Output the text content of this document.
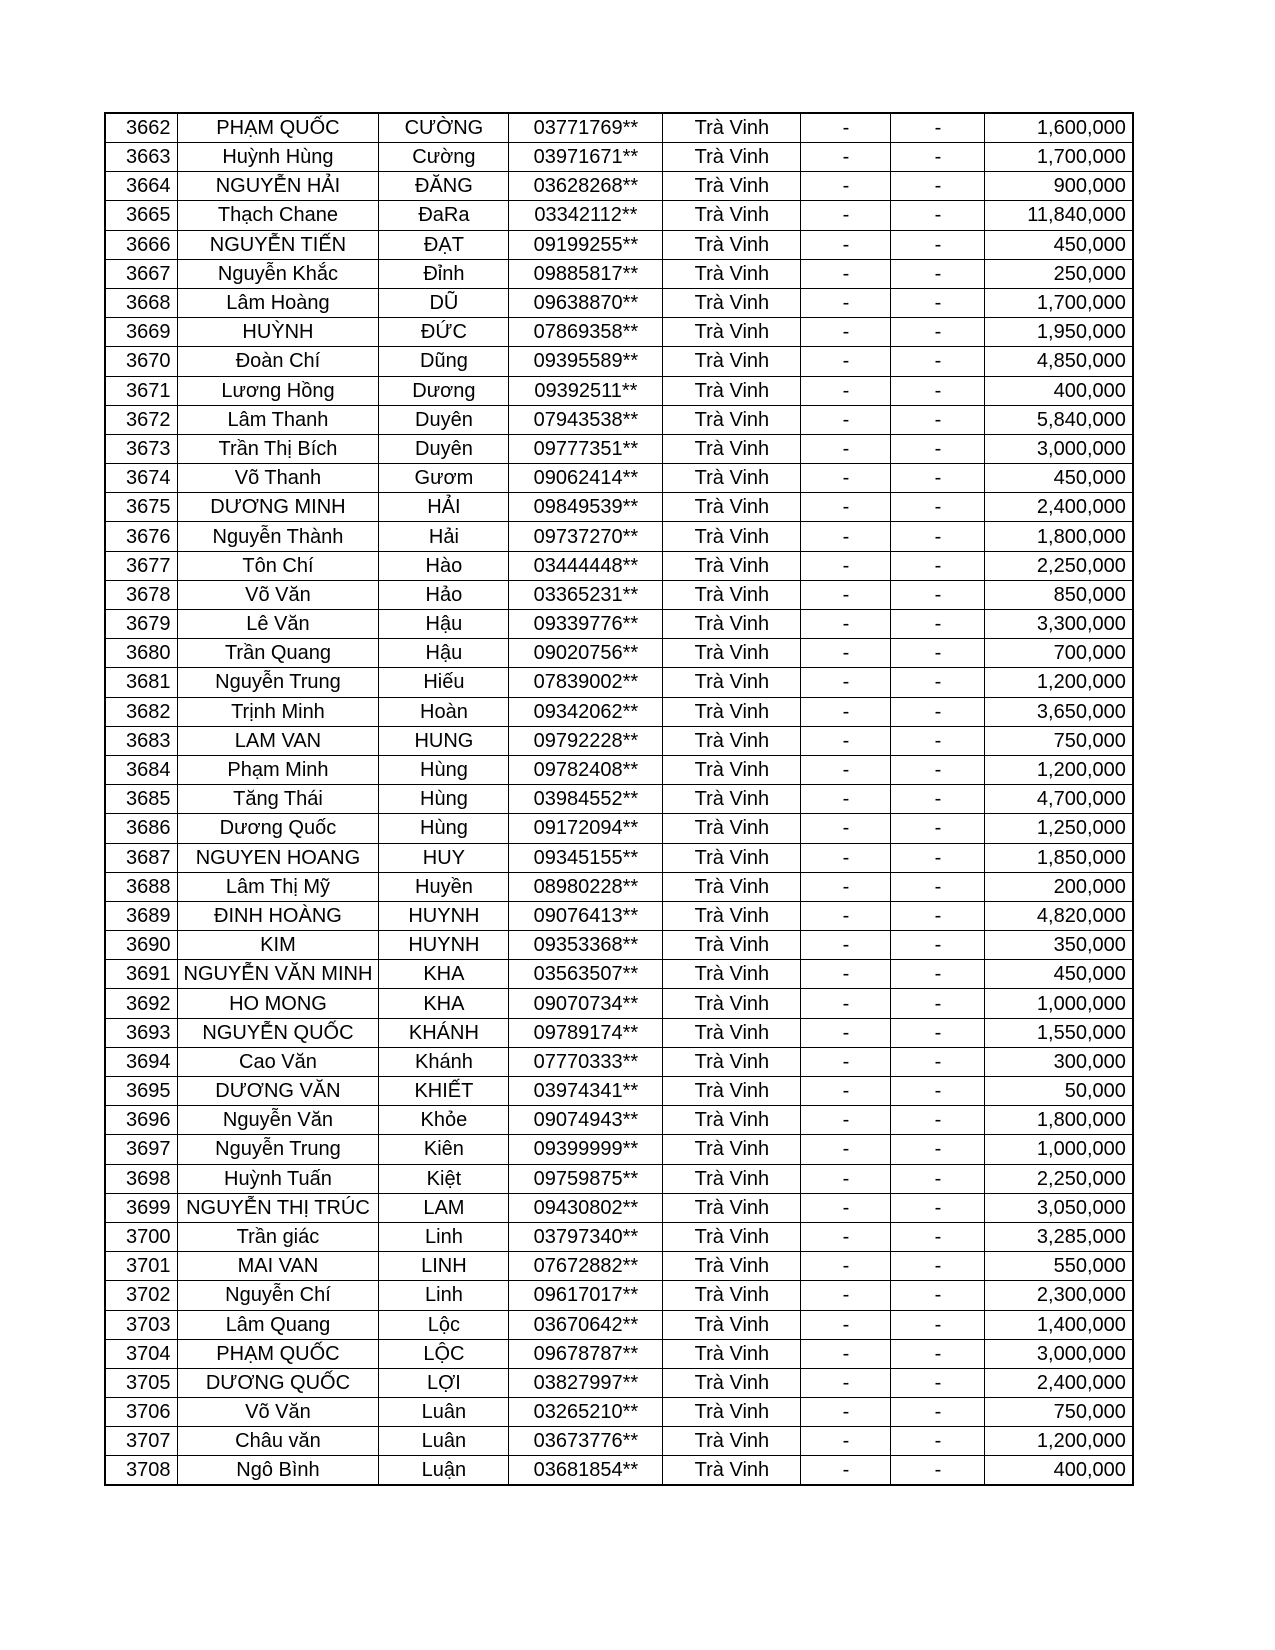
3662	PHẠM QUỐC	CƯỜNG	03771769**	Trà Vinh	-	-	1,600,000
3663	Huỳnh Hùng	Cường	03971671**	Trà Vinh	-	-	1,700,000
3664	NGUYỄN HẢI	ĐĂNG	03628268**	Trà Vinh	-	-	900,000
3665	Thạch Chane	ĐaRa	03342112**	Trà Vinh	-	-	11,840,000
3666	NGUYỄN TIẾN	ĐẠT	09199255**	Trà Vinh	-	-	450,000
3667	Nguyễn Khắc	Đỉnh	09885817**	Trà Vinh	-	-	250,000
3668	Lâm Hoàng	DŨ	09638870**	Trà Vinh	-	-	1,700,000
3669	HUỲNH	ĐỨC	07869358**	Trà Vinh	-	-	1,950,000
3670	Đoàn Chí	Dũng	09395589**	Trà Vinh	-	-	4,850,000
3671	Lương Hồng	Dương	09392511**	Trà Vinh	-	-	400,000
3672	Lâm Thanh	Duyên	07943538**	Trà Vinh	-	-	5,840,000
3673	Trần Thị Bích	Duyên	09777351**	Trà Vinh	-	-	3,000,000
3674	Võ Thanh	Gươm	09062414**	Trà Vinh	-	-	450,000
3675	DƯƠNG MINH	HẢI	09849539**	Trà Vinh	-	-	2,400,000
3676	Nguyễn Thành	Hải	09737270**	Trà Vinh	-	-	1,800,000
3677	Tôn Chí	Hào	03444448**	Trà Vinh	-	-	2,250,000
3678	Võ Văn	Hảo	03365231**	Trà Vinh	-	-	850,000
3679	Lê Văn	Hậu	09339776**	Trà Vinh	-	-	3,300,000
3680	Trần Quang	Hậu	09020756**	Trà Vinh	-	-	700,000
3681	Nguyễn Trung	Hiếu	07839002**	Trà Vinh	-	-	1,200,000
3682	Trịnh Minh	Hoàn	09342062**	Trà Vinh	-	-	3,650,000
3683	LAM VAN	HUNG	09792228**	Trà Vinh	-	-	750,000
3684	Phạm Minh	Hùng	09782408**	Trà Vinh	-	-	1,200,000
3685	Tăng Thái	Hùng	03984552**	Trà Vinh	-	-	4,700,000
3686	Dương Quốc	Hùng	09172094**	Trà Vinh	-	-	1,250,000
3687	NGUYEN HOANG	HUY	09345155**	Trà Vinh	-	-	1,850,000
3688	Lâm Thị Mỹ	Huyền	08980228**	Trà Vinh	-	-	200,000
3689	ĐINH HOÀNG	HUYNH	09076413**	Trà Vinh	-	-	4,820,000
3690	KIM	HUYNH	09353368**	Trà Vinh	-	-	350,000
3691	NGUYỄN VĂN MINH	KHA	03563507**	Trà Vinh	-	-	450,000
3692	HO MONG	KHA	09070734**	Trà Vinh	-	-	1,000,000
3693	NGUYỄN QUỐC	KHÁNH	09789174**	Trà Vinh	-	-	1,550,000
3694	Cao Văn	Khánh	07770333**	Trà Vinh	-	-	300,000
3695	DƯƠNG VĂN	KHIẾT	03974341**	Trà Vinh	-	-	50,000
3696	Nguyễn Văn	Khỏe	09074943**	Trà Vinh	-	-	1,800,000
3697	Nguyễn Trung	Kiên	09399999**	Trà Vinh	-	-	1,000,000
3698	Huỳnh Tuấn	Kiệt	09759875**	Trà Vinh	-	-	2,250,000
3699	NGUYỄN THỊ TRÚC	LAM	09430802**	Trà Vinh	-	-	3,050,000
3700	Trần giác	Linh	03797340**	Trà Vinh	-	-	3,285,000
3701	MAI VAN	LINH	07672882**	Trà Vinh	-	-	550,000
3702	Nguyễn Chí	Linh	09617017**	Trà Vinh	-	-	2,300,000
3703	Lâm Quang	Lộc	03670642**	Trà Vinh	-	-	1,400,000
3704	PHẠM QUỐC	LỘC	09678787**	Trà Vinh	-	-	3,000,000
3705	DƯƠNG QUỐC	LỢI	03827997**	Trà Vinh	-	-	2,400,000
3706	Võ Văn	Luân	03265210**	Trà Vinh	-	-	750,000
3707	Châu văn	Luân	03673776**	Trà Vinh	-	-	1,200,000
3708	Ngô Bình	Luận	03681854**	Trà Vinh	-	-	400,000
